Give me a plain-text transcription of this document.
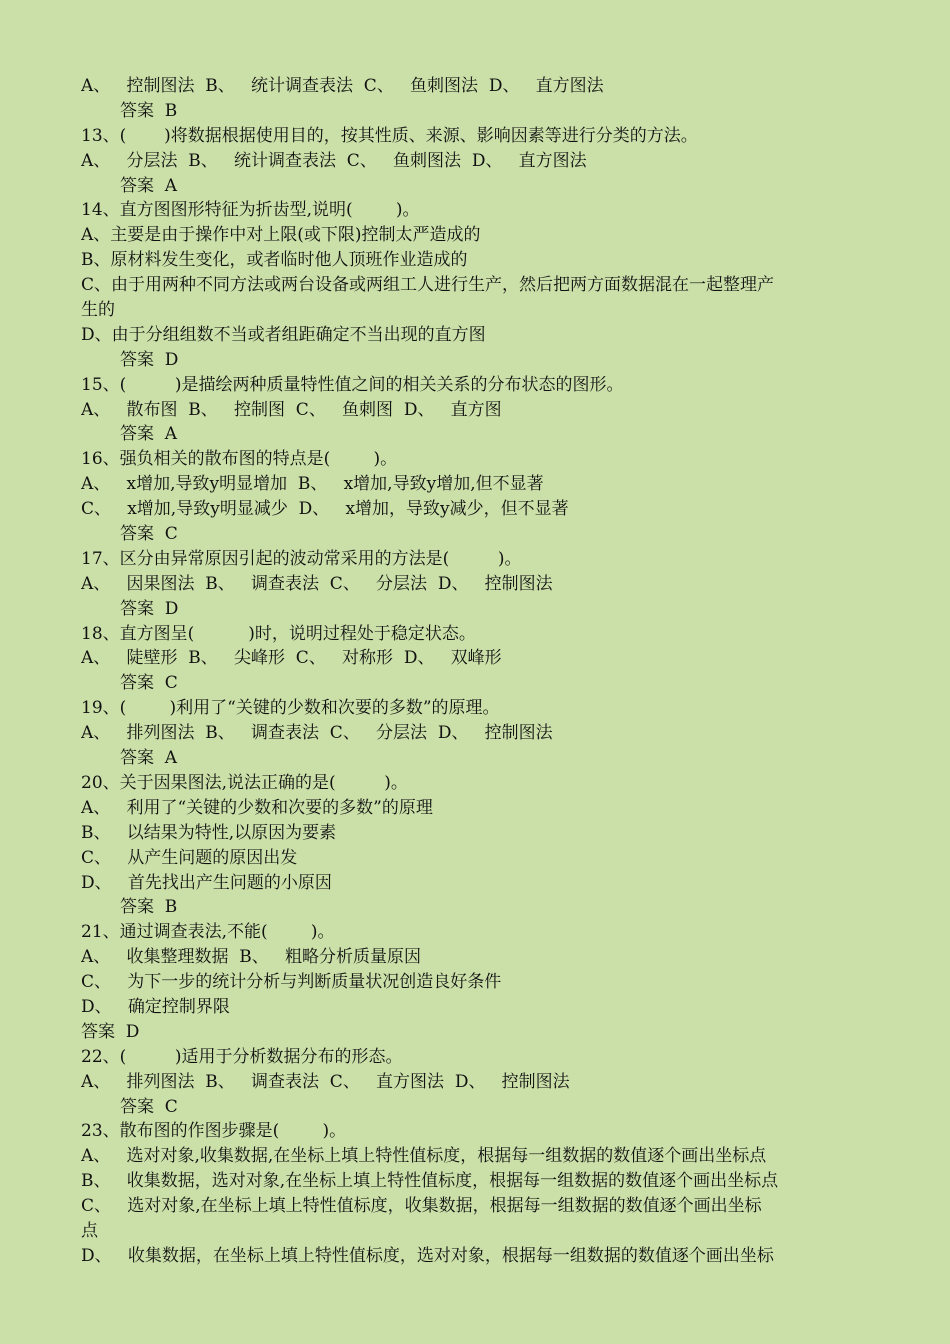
A、   控制图法  B、   统计调查表法  C、   鱼刺图法  D、   直方图法
答案  B
13、(       )将数据根据使用目的，按其性质、来源、影响因素等进行分类的方法。
A、   分层法  B、   统计调查表法  C、   鱼刺图法  D、   直方图法
答案  A
14、直方图图形特征为折齿型,说明(        )。
A、主要是由于操作中对上限(或下限)控制太严造成的
B、原材料发生变化，或者临时他人顶班作业造成的
C、由于用两种不同方法或两台设备或两组工人进行生产，然后把两方面数据混在一起整理产
生的
D、由于分组组数不当或者组距确定不当出现的直方图
答案  D
15、(         )是描绘两种质量特性值之间的相关关系的分布状态的图形。
A、   散布图  B、   控制图  C、   鱼刺图  D、   直方图
答案  A
16、强负相关的散布图的特点是(        )。
A、   x增加,导致y明显增加  B、   x增加,导致y增加,但不显著
C、   x增加,导致y明显减少  D、   x增加，导致y减少，但不显著
答案  C
17、区分由异常原因引起的波动常采用的方法是(         )。
A、   因果图法  B、   调查表法  C、   分层法  D、   控制图法
答案  D
18、直方图呈(          )时，说明过程处于稳定状态。
A、   陡壁形  B、   尖峰形  C、   对称形  D、   双峰形
答案  C
19、(        )利用了“关键的少数和次要的多数”的原理。
A、   排列图法  B、   调查表法  C、   分层法  D、   控制图法
答案  A
20、关于因果图法,说法正确的是(         )。
A、   利用了“关键的少数和次要的多数”的原理
B、   以结果为特性,以原因为要素
C、   从产生问题的原因出发
D、   首先找出产生问题的小原因
答案  B
21、通过调查表法,不能(        )。
A、   收集整理数据  B、   粗略分析质量原因
C、   为下一步的统计分析与判断质量状况创造良好条件
D、   确定控制界限
答案  D
22、(         )适用于分析数据分布的形态。
A、   排列图法  B、   调查表法  C、   直方图法  D、   控制图法
答案  C
23、散布图的作图步骤是(        )。
A、   选对对象,收集数据,在坐标上填上特性值标度，根据每一组数据的数值逐个画出坐标点
B、   收集数据，选对对象,在坐标上填上特性值标度，根据每一组数据的数值逐个画出坐标点
C、   选对对象,在坐标上填上特性值标度，收集数据，根据每一组数据的数值逐个画出坐标
点
D、   收集数据，在坐标上填上特性值标度，选对对象，根据每一组数据的数值逐个画出坐标
